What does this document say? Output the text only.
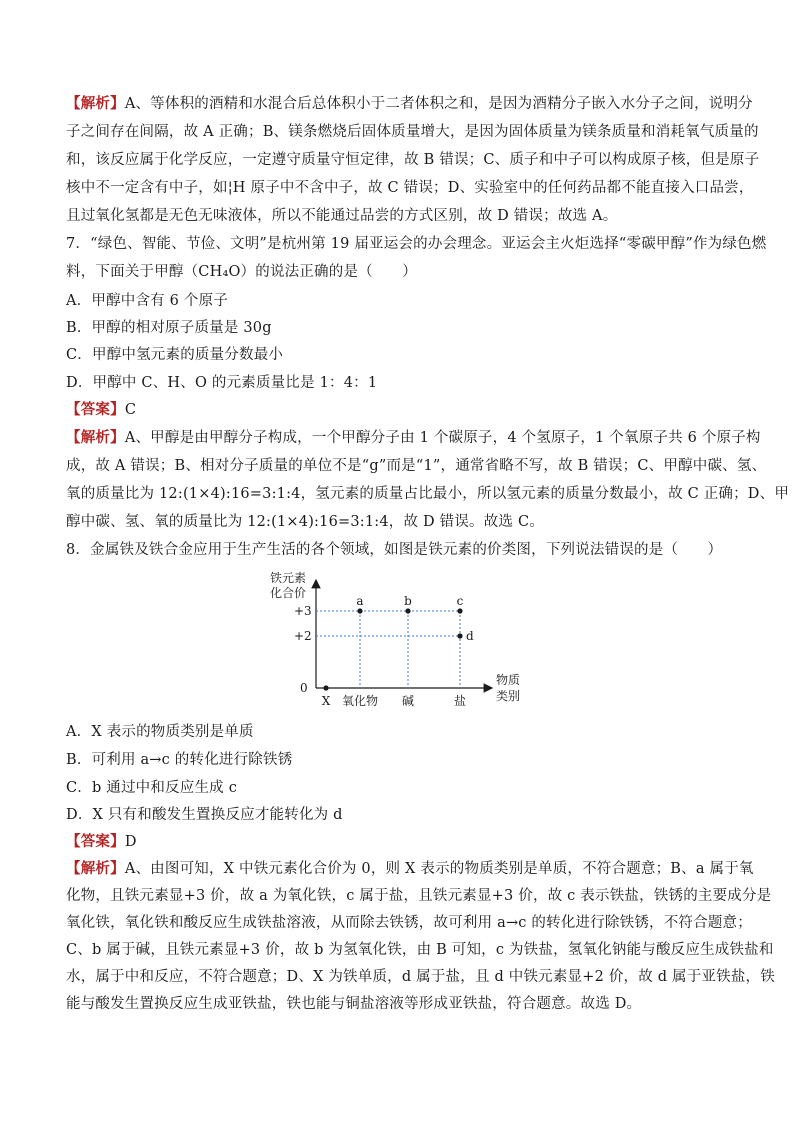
【解析】A、等体积的酒精和水混合后总体积小于二者体积之和，是因为酒精分子嵌入水分子之间，说明分
子之间存在间隔，故 A 正确；B、镁条燃烧后固体质量增大，是因为固体质量为镁条质量和消耗氧气质量的
和，该反应属于化学反应，一定遵守质量守恒定律，故 B 错误；C、质子和中子可以构成原子核，但是原子
核中不一定含有中子，如¦H 原子中不含中子，故 C 错误；D、实验室中的任何药品都不能直接入口品尝，
且过氧化氢都是无色无味液体，所以不能通过品尝的方式区别，故 D 错误；故选 A。
7．“绿色、智能、节俭、文明”是杭州第 19 届亚运会的办会理念。亚运会主火炬选择“零碳甲醇”作为绿色燃
料，下面关于甲醇（CH₄O）的说法正确的是（　　）
A．甲醇中含有 6 个原子
B．甲醇的相对原子质量是 30g
C．甲醇中氢元素的质量分数最小
D．甲醇中 C、H、O 的元素质量比是 1：4：1
【答案】C
【解析】A、甲醇是由甲醇分子构成，一个甲醇分子由 1 个碳原子，4 个氢原子，1 个氧原子共 6 个原子构
成，故 A 错误；B、相对分子质量的单位不是“g”而是“1”，通常省略不写，故 B 错误；C、甲醇中碳、氢、
氧的质量比为 12:(1×4):16=3:1:4，氢元素的质量占比最小，所以氢元素的质量分数最小，故 C 正确；D、甲
醇中碳、氢、氧的质量比为 12:(1×4):16=3:1:4，故 D 错误。故选 C。
8．金属铁及铁合金应用于生产生活的各个领域，如图是铁元素的价类图，下列说法错误的是（　　）
铁元素
化合价
物质
类别
+3
+2
0
X 氧化物 碱	盐
a	b	c
d
A．X 表示的物质类别是单质
B．可利用 a→c 的转化进行除铁锈
C．b 通过中和反应生成 c
D．X 只有和酸发生置换反应才能转化为 d
【答案】D
【解析】A、由图可知，X 中铁元素化合价为 0，则 X 表示的物质类别是单质，不符合题意；B、a 属于氧
化物，且铁元素显+3 价，故 a 为氧化铁，c 属于盐，且铁元素显+3 价，故 c 表示铁盐，铁锈的主要成分是
氧化铁，氧化铁和酸反应生成铁盐溶液，从而除去铁锈，故可利用 a→c 的转化进行除铁锈，不符合题意；
C、b 属于碱，且铁元素显+3 价，故 b 为氢氧化铁，由 B 可知，c 为铁盐，氢氧化钠能与酸反应生成铁盐和
水，属于中和反应，不符合题意；D、X 为铁单质，d 属于盐，且 d 中铁元素显+2 价，故 d 属于亚铁盐，铁
能与酸发生置换反应生成亚铁盐，铁也能与铜盐溶液等形成亚铁盐，符合题意。故选 D。
